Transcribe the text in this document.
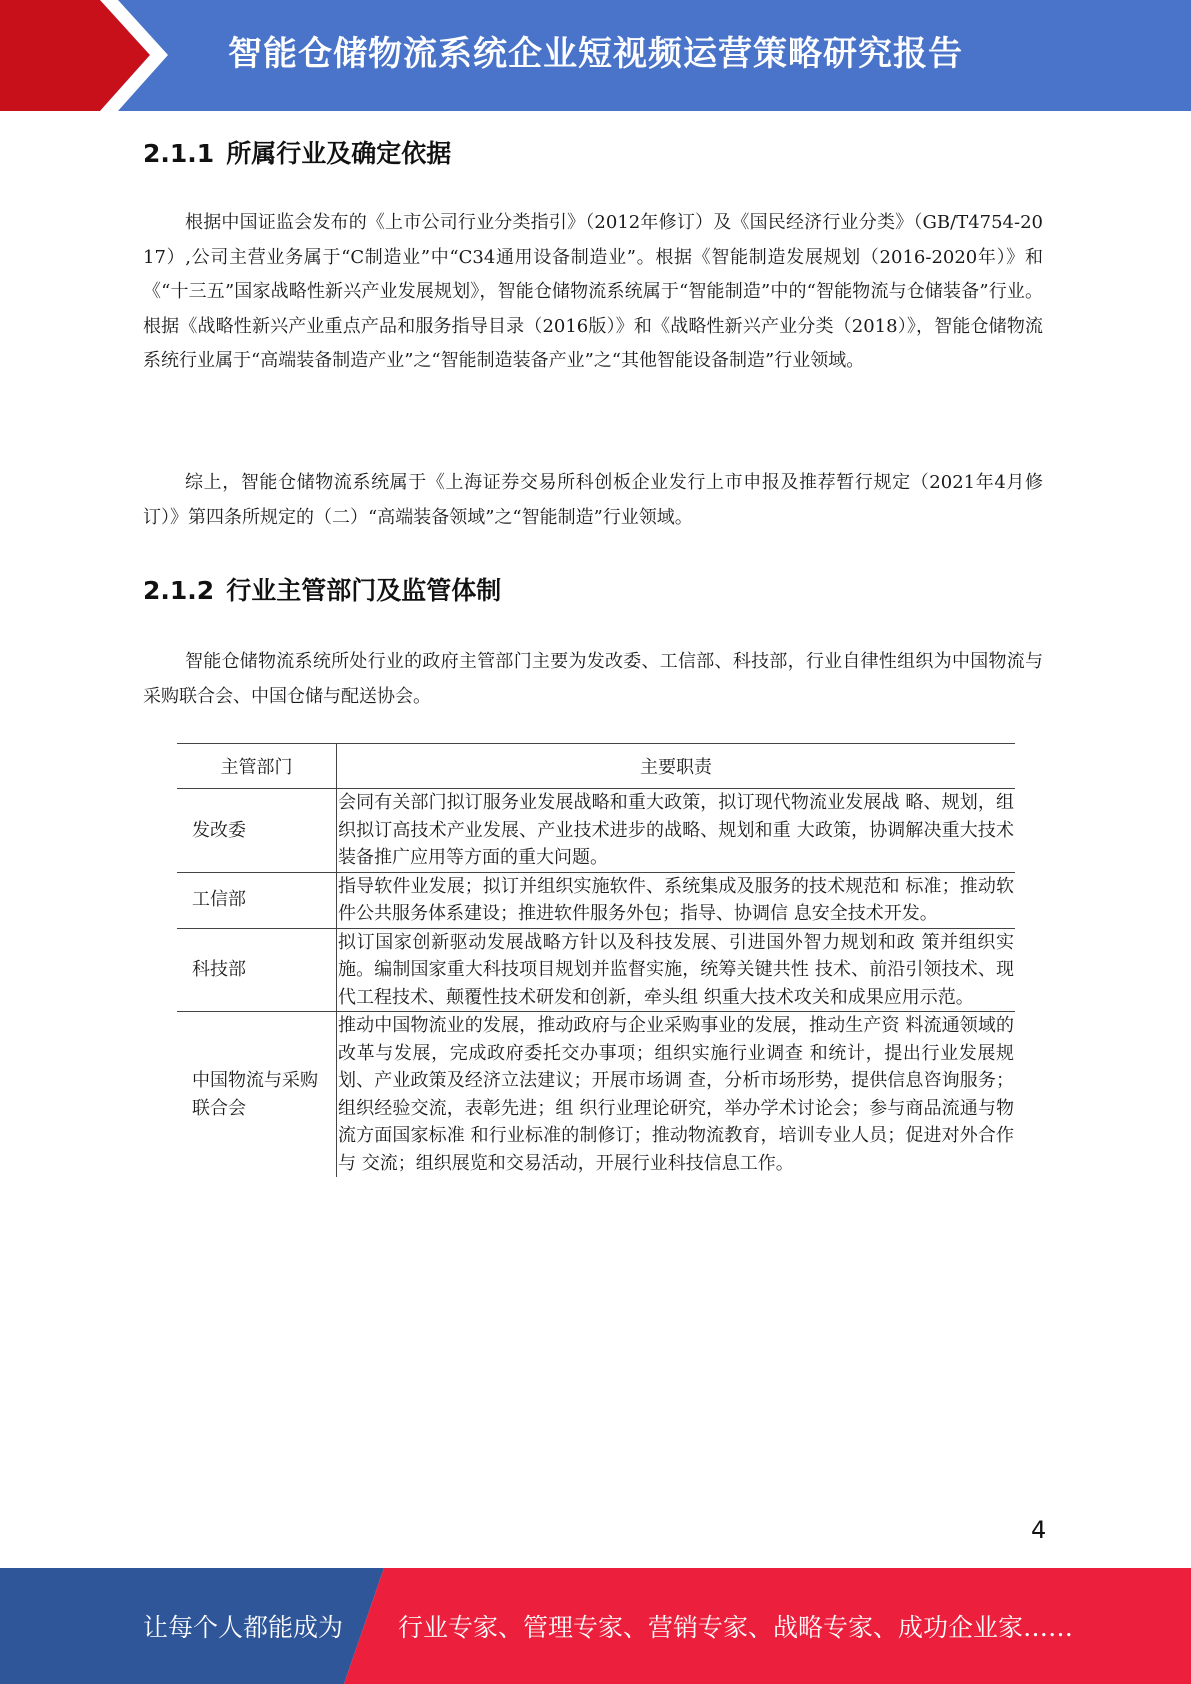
智能仓储物流系统企业短视频运营策略研究报告
2.1.1 所属行业及确定依据

根据中国证监会发布的《上市公司行业分类指引》（2012年修订）及《国民经济行业分类》（GB/T4754-2017）,公司主营业务属于“C制造业”中“C34通用设备制造业”。根据《智能制造发展规划（2016-2020年）》和《“十三五”国家战略性新兴产业发展规划》，智能仓储物流系统属于“智能制造”中的“智能物流与仓储装备”行业。根据《战略性新兴产业重点产品和服务指导目录（2016版）》和《战略性新兴产业分类（2018）》，智能仓储物流系统行业属于“高端装备制造产业”之“智能制造装备产业”之“其他智能设备制造”行业领域。

综上，智能仓储物流系统属于《上海证券交易所科创板企业发行上市申报及推荐暂行规定（2021年4月修订）》第四条所规定的（二）“高端装备领域”之“智能制造”行业领域。

2.1.2 行业主管部门及监管体制

智能仓储物流系统所处行业的政府主管部门主要为发改委、工信部、科技部，行业自律性组织为中国物流与采购联合会、中国仓储与配送协会。

主管部门	主要职责
发改委	会同有关部门拟订服务业发展战略和重大政策，拟订现代物流业发展战 略、规划，组织拟订高技术产业发展、产业技术进步的战略、规划和重 大政策，协调解决重大技术装备推广应用等方面的重大问题。
工信部	指导软件业发展；拟订并组织实施软件、系统集成及服务的技术规范和 标准；推动软件公共服务体系建设；推进软件服务外包；指导、协调信 息安全技术开发。
科技部	拟订国家创新驱动发展战略方针以及科技发展、引进国外智力规划和政 策并组织实施。编制国家重大科技项目规划并监督实施，统筹关键共性 技术、前沿引领技术、现代工程技术、颠覆性技术研发和创新，牵头组 织重大技术攻关和成果应用示范。
中国物流与采购联合会	推动中国物流业的发展，推动政府与企业采购事业的发展，推动生产资 料流通领域的改革与发展，完成政府委托交办事项；组织实施行业调查 和统计，提出行业发展规划、产业政策及经济立法建议；开展市场调 查，分析市场形势，提供信息咨询服务；组织经验交流，表彰先进；组 织行业理论研究，举办学术讨论会；参与商品流通与物流方面国家标准 和行业标准的制修订；推动物流教育，培训专业人员；促进对外合作与 交流；组织展览和交易活动，开展行业科技信息工作。
4
让每个人都能成为 行业专家、管理专家、营销专家、战略专家、成功企业家……
